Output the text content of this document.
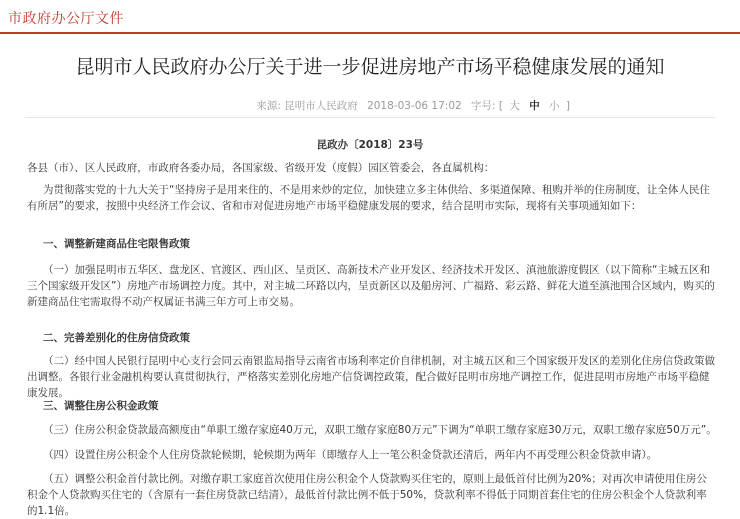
市政府办公厅文件
昆明市人民政府办公厅关于进一步促进房地产市场平稳健康发展的通知
来源: 昆明市人民政府 2018-03-06 17:02 字号: [ 大 中 小 ]
昆政办〔2018〕23号

各县（市）、区人民政府，市政府各委办局，各国家级、省级开发（度假）园区管委会，各直属机构：

为贯彻落实党的十九大关于“坚持房子是用来住的、不是用来炒的定位，加快建立多主体供给、多渠道保障、租购并举的住房制度，让全体人民住有所居”的要求，按照中央经济工作会议、省和市对促进房地产市场平稳健康发展的要求，结合昆明市实际，现将有关事项通知如下：

一、调整新建商品住宅限售政策

（一）加强昆明市五华区、盘龙区、官渡区、西山区、呈贡区、高新技术产业开发区、经济技术开发区、滇池旅游度假区（以下简称“主城五区和三个国家级开发区”）房地产市场调控力度。其中，对主城二环路以内，呈贡新区以及船房河、广福路、彩云路、鲜花大道至滇池围合区域内，购买的新建商品住宅需取得不动产权属证书满三年方可上市交易。

二、完善差别化的住房信贷政策

（二）经中国人民银行昆明中心支行会同云南银监局指导云南省市场利率定价自律机制，对主城五区和三个国家级开发区的差别化住房信贷政策做出调整。各银行业金融机构要认真贯彻执行，严格落实差别化房地产信贷调控政策，配合做好昆明市房地产调控工作，促进昆明市房地产市场平稳健康发展。

三、调整住房公积金政策

（三）住房公积金贷款最高额度由“单职工缴存家庭40万元，双职工缴存家庭80万元”下调为“单职工缴存家庭30万元，双职工缴存家庭50万元”。

（四）设置住房公积金个人住房贷款轮候期，轮候期为两年（即缴存人上一笔公积金贷款还清后，两年内不再受理公积金贷款申请）。

（五）调整公积金首付款比例。对缴存职工家庭首次使用住房公积金个人贷款购买住宅的，原则上最低首付比例为20%；对再次申请使用住房公积金个人贷款购买住宅的（含原有一套住房贷款已结清），最低首付款比例不低于50%，贷款利率不得低于同期首套住宅的住房公积金个人贷款利率的1.1倍。
